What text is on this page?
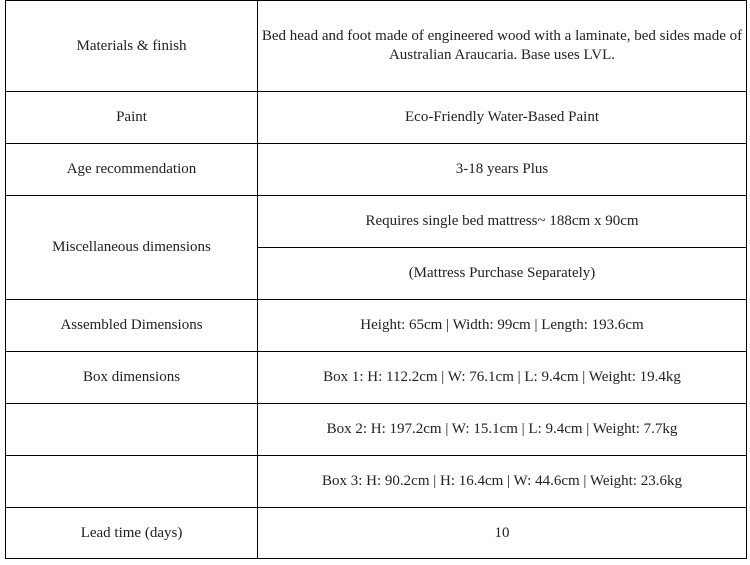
Materials & finish	Bed head and foot made of engineered wood with a laminate, bed sides made of Australian Araucaria. Base uses LVL.
Paint	Eco-Friendly Water-Based Paint
Age recommendation	3-18 years Plus
Miscellaneous dimensions	Requires single bed mattress~ 188cm x 90cm
	(Mattress Purchase Separately)
Assembled Dimensions	Height: 65cm | Width: 99cm | Length: 193.6cm
Box dimensions	Box 1: H: 112.2cm | W: 76.1cm | L: 9.4cm | Weight: 19.4kg
	Box 2: H: 197.2cm | W: 15.1cm | L: 9.4cm | Weight: 7.7kg
	Box 3: H: 90.2cm | H: 16.4cm | W: 44.6cm | Weight: 23.6kg
Lead time (days)	10
